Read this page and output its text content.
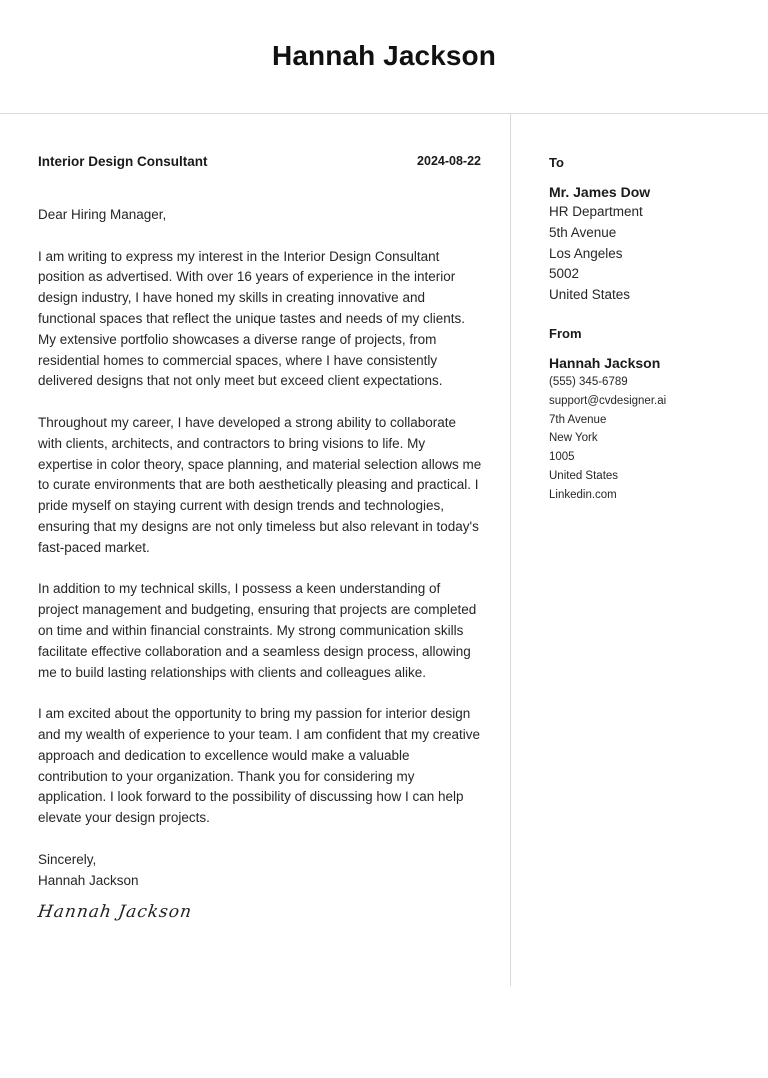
Hannah Jackson
Interior Design Consultant	2024-08-22
Dear Hiring Manager,
I am writing to express my interest in the Interior Design Consultant position as advertised. With over 16 years of experience in the interior design industry, I have honed my skills in creating innovative and functional spaces that reflect the unique tastes and needs of my clients. My extensive portfolio showcases a diverse range of projects, from residential homes to commercial spaces, where I have consistently delivered designs that not only meet but exceed client expectations.
Throughout my career, I have developed a strong ability to collaborate with clients, architects, and contractors to bring visions to life. My expertise in color theory, space planning, and material selection allows me to curate environments that are both aesthetically pleasing and practical. I pride myself on staying current with design trends and technologies, ensuring that my designs are not only timeless but also relevant in today's fast-paced market.
In addition to my technical skills, I possess a keen understanding of project management and budgeting, ensuring that projects are completed on time and within financial constraints. My strong communication skills facilitate effective collaboration and a seamless design process, allowing me to build lasting relationships with clients and colleagues alike.
I am excited about the opportunity to bring my passion for interior design and my wealth of experience to your team. I am confident that my creative approach and dedication to excellence would make a valuable contribution to your organization. Thank you for considering my application. I look forward to the possibility of discussing how I can help elevate your design projects.
Sincerely,
Hannah Jackson
Hannah Jackson
To
Mr. James Dow
HR Department
5th Avenue
Los Angeles
5002
United States
From
Hannah Jackson
(555) 345-6789
support@cvdesigner.ai
7th Avenue
New York
1005
United States
Linkedin.com
